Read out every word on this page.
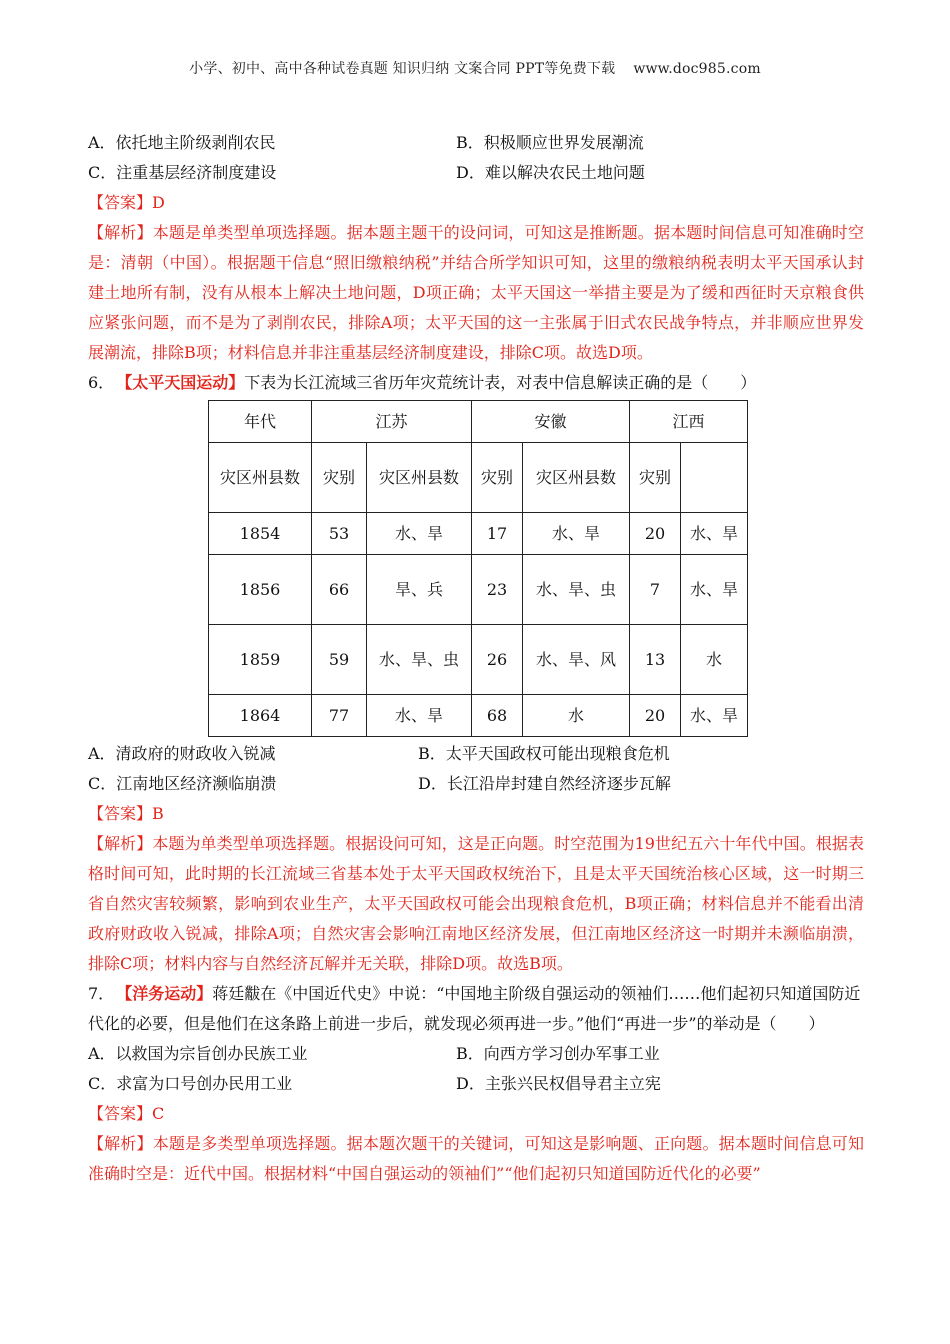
小学、初中、高中各种试卷真题 知识归纳 文案合同 PPT等免费下载 www.doc985.com
A．依托地主阶级剥削农民	B．积极顺应世界发展潮流
C．注重基层经济制度建设	D．难以解决农民土地问题
【答案】D
【解析】本题是单类型单项选择题。据本题主题干的设问词，可知这是推断题。据本题时间信息可知准确时空是：清朝（中国）。根据题干信息“照旧缴粮纳税”并结合所学知识可知，这里的缴粮纳税表明太平天国承认封建土地所有制，没有从根本上解决土地问题，D项正确；太平天国这一举措主要是为了缓和西征时天京粮食供应紧张问题，而不是为了剥削农民，排除A项；太平天国的这一主张属于旧式农民战争特点，并非顺应世界发展潮流，排除B项；材料信息并非注重基层经济制度建设，排除C项。故选D项。
6． 【太平天国运动】下表为长江流域三省历年灾荒统计表，对表中信息解读正确的是（　　）
年代	江苏		安徽		江西	
灾区州县数	灾别	灾区州县数	灾别	灾区州县数	灾别	
1854	53	水、旱	17	水、旱	20	水、旱
1856	66	旱、兵	23	水、旱、虫	7	水、旱
1859	59	水、旱、虫	26	水、旱、风	13	水
1864	77	水、旱	68	水	20	水、旱
A．清政府的财政收入锐减	B．太平天国政权可能出现粮食危机
C．江南地区经济濒临崩溃	D．长江沿岸封建自然经济逐步瓦解
【答案】B
【解析】本题为单类型单项选择题。根据设问可知，这是正向题。时空范围为19世纪五六十年代中国。根据表格时间可知，此时期的长江流域三省基本处于太平天国政权统治下，且是太平天国统治核心区域，这一时期三省自然灾害较频繁，影响到农业生产，太平天国政权可能会出现粮食危机，B项正确；材料信息并不能看出清政府财政收入锐减，排除A项；自然灾害会影响江南地区经济发展，但江南地区经济这一时期并未濒临崩溃，排除C项；材料内容与自然经济瓦解并无关联，排除D项。故选B项。
7． 【洋务运动】蒋廷黻在《中国近代史》中说：“中国地主阶级自强运动的领袖们……他们起初只知道国防近代化的必要，但是他们在这条路上前进一步后，就发现必须再进一步。”他们“再进一步”的举动是（　　）
A．以救国为宗旨创办民族工业	B．向西方学习创办军事工业
C．求富为口号创办民用工业	D．主张兴民权倡导君主立宪
【答案】C
【解析】本题是多类型单项选择题。据本题次题干的关键词，可知这是影响题、正向题。据本题时间信息可知准确时空是：近代中国。根据材料“中国自强运动的领袖们”“他们起初只知道国防近代化的必要”
